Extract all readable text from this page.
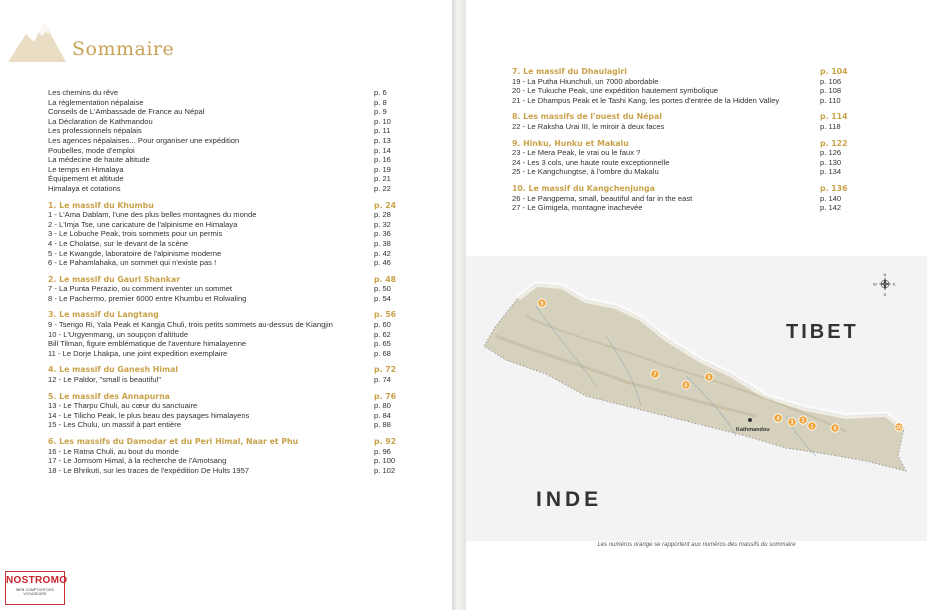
Sommaire
Les chemins du rêve	p. 6
La réglementation népalaise	p. 8
Conseils de L'Ambassade de France au Népal	p. 9
La Déclaration de Kathmandou	p. 10
Les professionnels népalais	p. 11
Les agences népalaises... Pour organiser une expédition	p. 13
Poubelles, mode d'emploi	p. 14
La médecine de haute altitude	p. 16
Le temps en Himalaya	p. 19
Équipement et altitude	p. 21
Himalaya et cotations	p. 22
1. Le massif du Khumbu	p. 24
1 - L'Ama Dablam, l'une des plus belles montagnes du monde	p. 28
2 - L'Imja Tse, une caricature de l'alpinisme en Himalaya	p. 32
3 - Le Lobuche Peak, trois sommets pour un permis	p. 36
4 - Le Cholatse, sur le devant de la scène	p. 38
5 - Le Kwangde, laboratoire de l'alpinisme moderne	p. 42
6 - Le Pahamlahaka, un sommet qui n'existe pas !	p. 46
2. Le massif du Gauri Shankar	p. 48
7 - La Punta Perazio, ou comment inventer un sommet	p. 50
8 - Le Pachermo, premier 6000 entre Khumbu et Rolwaling	p. 54
3. Le massif du Langtang	p. 56
9 - Tserigo Ri, Yala Peak et Kangja Chuli, trois petits sommets au-dessus de Kiangjin	p. 60
10 - L'Urgyenmang, un soupçon d'altitude	p. 62
Bill Tilman, figure emblématique de l'aventure himalayenne	p. 65
11 - Le Dorje Lhakpa, une joint expedition exemplaire	p. 68
4. Le massif du Ganesh Himal	p. 72
12 - Le Paldor, "small is beautiful"	p. 74
5. Le massif des Annapurna	p. 76
13 - Le Tharpu Chuli, au cœur du sanctuaire	p. 80
14 - Le Tilicho Peak, le plus beau des paysages himalayens	p. 84
15 - Les Chulu, un massif à part entière	p. 88
6. Les massifs du Damodar et du Peri Himal, Naar et Phu	p. 92
16 - Le Ratna Chuli, au bout du monde	p. 96
17 - Le Jomsom Himal, à la recherche de l'Amotsang	p. 100
18 - Le Bhrikuti, sur les traces de l'expédition De Hults 1957	p. 102
7. Le massif du Dhaulagiri	p. 104
19 - La Putha Hiunchuli, un 7000 abordable	p. 106
20 - Le Tukuche Peak, une expédition hautement symbolique	p. 108
21 - Le Dhampus Peak et le Tashi Kang, les portes d'entrée de la Hidden Valley	p. 110
8. Les massifs de l'ouest du Népal	p. 114
22 - Le Raksha Urai III, le miroir à deux faces	p. 118
9. Hinku, Hunku et Makalu	p. 122
23 - Le Mera Peak, le vrai ou le faux ?	p. 126
24 - Les 3 cols, une haute route exceptionnelle	p. 130
25 - Le Kangchungtse, à l'ombre du Makalu	p. 134
10. Le massif du Kangchenjunga	p. 136
26 - Le Pangpema, small, beautiful and far in the east	p. 140
27 - Le Gimigela, montagne inachevée	p. 142
TIBET
INDE
Kathmandou
8
7
6
5
4
3 2
1	9	10
N
S
E
W
Les numéros orange se rapportent aux numéros des massifs du sommaire
NOSTROMO
WEB COMPTOIR DES VOYAGEURS
